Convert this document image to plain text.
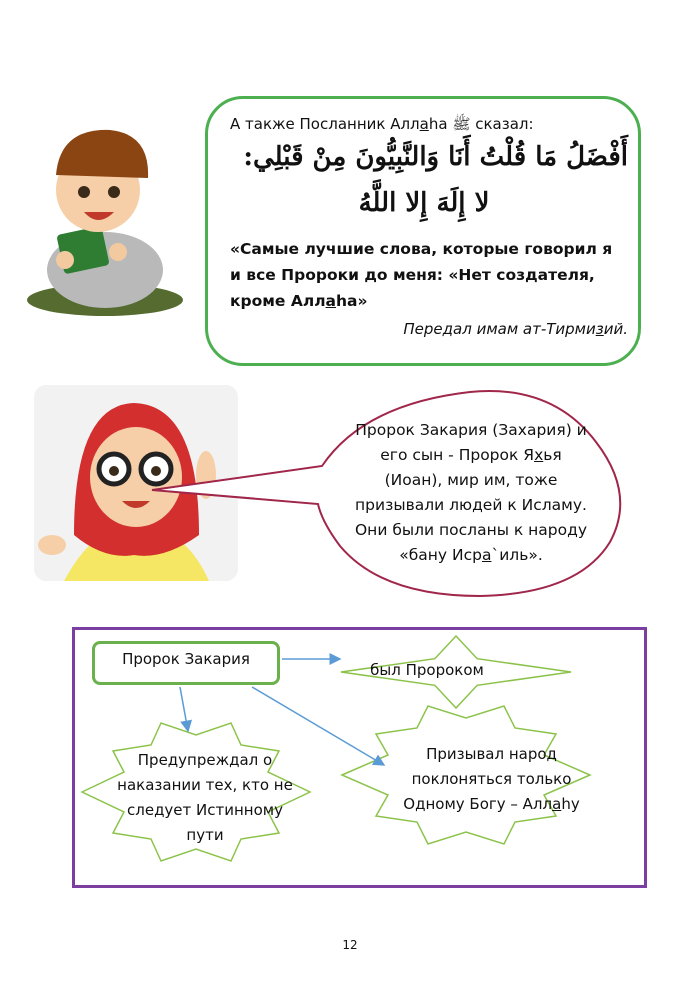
А также Посланник Аллаhа ﷺ сказал:
أَفْضَلُ مَا قُلْتُ أَنَا وَالنَّبِيُّونَ مِنْ قَبْلِي:
لا إِلَهَ إِلا اللَّهُ
«Самые лучшие слова, которые говорил я и все Пророки до меня: «Нет создателя, кроме Аллаhа»
Передал имам ат-Тирмизий.
Пророк Закария (Захария) и его сын - Пророк Яхья (Иоан), мир им, тоже призывали людей к Исламу. Они были посланы к народу «бану Исра`иль».
Пророк Закария
был Пророком
Предупреждал о наказании тех, кто не следует Истинному пути
Призывал народ поклоняться только Одному Богу – Аллаhу
12
